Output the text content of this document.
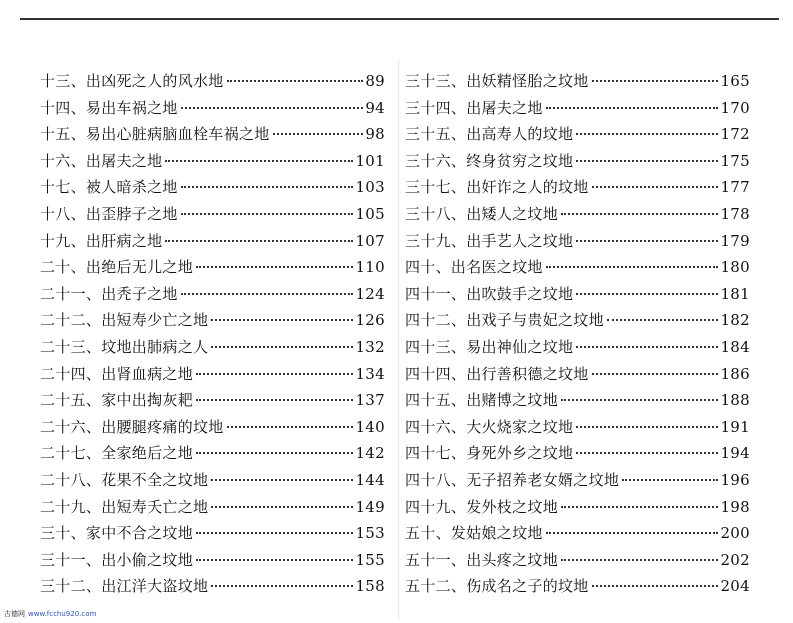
十三、出凶死之人的风水地	89
十四、易出车祸之地	94
十五、易出心脏病脑血栓车祸之地	98
十六、出屠夫之地	101
十七、被人暗杀之地	103
十八、出歪脖子之地	105
十九、出肝病之地	107
二十、出绝后无儿之地	110
二十一、出秃子之地	124
二十二、出短寿少亡之地	126
二十三、坟地出肺病之人	132
二十四、出肾血病之地	134
二十五、家中出掏灰耙	137
二十六、出腰腿疼痛的坟地	140
二十七、全家绝后之地	142
二十八、花果不全之坟地	144
二十九、出短寿夭亡之地	149
三十、家中不合之坟地	153
三十一、出小偷之坟地	155
三十二、出江洋大盗坟地	158
三十三、出妖精怪胎之坟地	165
三十四、出屠夫之地	170
三十五、出高寿人的坟地	172
三十六、终身贫穷之坟地	175
三十七、出奸诈之人的坟地	177
三十八、出矮人之坟地	178
三十九、出手艺人之坟地	179
四十、出名医之坟地	180
四十一、出吹鼓手之坟地	181
四十二、出戏子与贵妃之坟地	182
四十三、易出神仙之坟地	184
四十四、出行善积德之坟地	186
四十五、出赌博之坟地	188
四十六、大火烧家之坟地	191
四十七、身死外乡之坟地	194
四十八、无子招养老女婿之坟地	196
四十九、发外枝之坟地	198
五十、发姑娘之坟地	200
五十一、出头疼之坟地	202
五十二、伤成名之子的坟地	204
古德网 www.fcchu920.com
